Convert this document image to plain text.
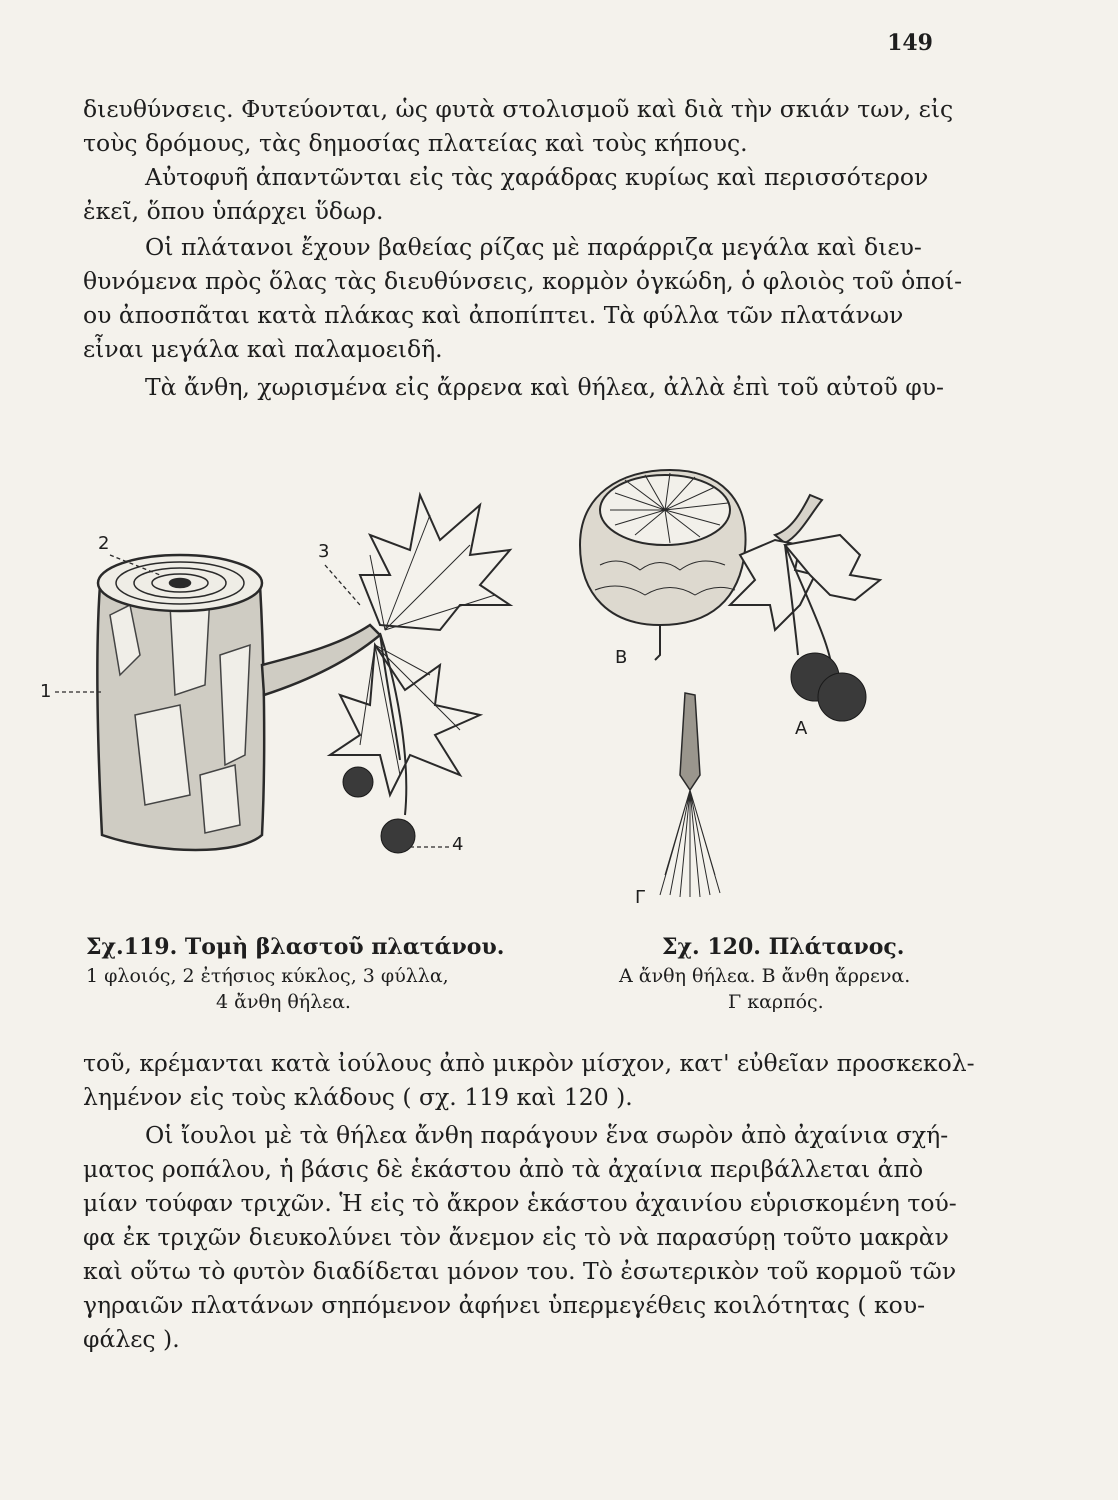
149
διευθύνσεις. Φυτεύονται, ὡς φυτὰ στολισμοῦ καὶ διὰ τὴν σκιάν των, εἰς
τοὺς δρόμους, τὰς δημοσίας πλατείας καὶ τοὺς κήπους.
Αὐτοφυῆ ἀπαντῶνται εἰς τὰς χαράδρας κυρίως καὶ περισσότερον
ἐκεῖ, ὅπου ὑπάρχει ὕδωρ.
Οἱ πλάτανοι ἔχουν βαθείας ρίζας μὲ παράρριζα μεγάλα καὶ διευ-
θυνόμενα πρὸς ὅλας τὰς διευθύνσεις, κορμὸν ὀγκώδη, ὁ φλοιὸς τοῦ ὁποί-
ου ἀποσπᾶται κατὰ πλάκας καὶ ἀποπίπτει. Τὰ φύλλα τῶν πλατάνων
εἶναι μεγάλα καὶ παλαμοειδῆ.
Τὰ ἄνθη, χωρισμένα εἰς ἄρρενα καὶ θήλεα, ἀλλὰ ἐπὶ τοῦ αὐτοῦ φυ-
2	3
1
4
Β
Α
Γ
Σχ.119. Τομὴ βλαστοῦ πλατάνου.
1 φλοιός, 2 ἐτήσιος κύκλος, 3 φύλλα,
4 ἄνθη θήλεα.
Σχ. 120. Πλάτανος.
Α ἄνθη θήλεα. Β ἄνθη ἄρρενα.
Γ καρπός.
τοῦ, κρέμανται κατὰ ἰούλους ἀπὸ μικρὸν μίσχον, κατ' εὐθεῖαν προσκεκολ-
λημένον εἰς τοὺς κλάδους ( σχ. 119 καὶ 120 ).
Οἱ ἴουλοι μὲ τὰ θήλεα ἄνθη παράγουν ἕνα σωρὸν ἀπὸ ἀχαίνια σχή-
ματος ροπάλου, ἡ βάσις δὲ ἑκάστου ἀπὸ τὰ ἀχαίνια περιβάλλεται ἀπὸ
μίαν τούφαν τριχῶν. Ἡ εἰς τὸ ἄκρον ἑκάστου ἀχαινίου εὑρισκομένη τού-
φα ἐκ τριχῶν διευκολύνει τὸν ἄνεμον εἰς τὸ νὰ παρασύρῃ τοῦτο μακρὰν
καὶ οὕτω τὸ φυτὸν διαδίδεται μόνον του. Τὸ ἐσωτερικὸν τοῦ κορμοῦ τῶν
γηραιῶν πλατάνων σηπόμενον ἀφήνει ὑπερμεγέθεις κοιλότητας ( κου-
φάλες ).
